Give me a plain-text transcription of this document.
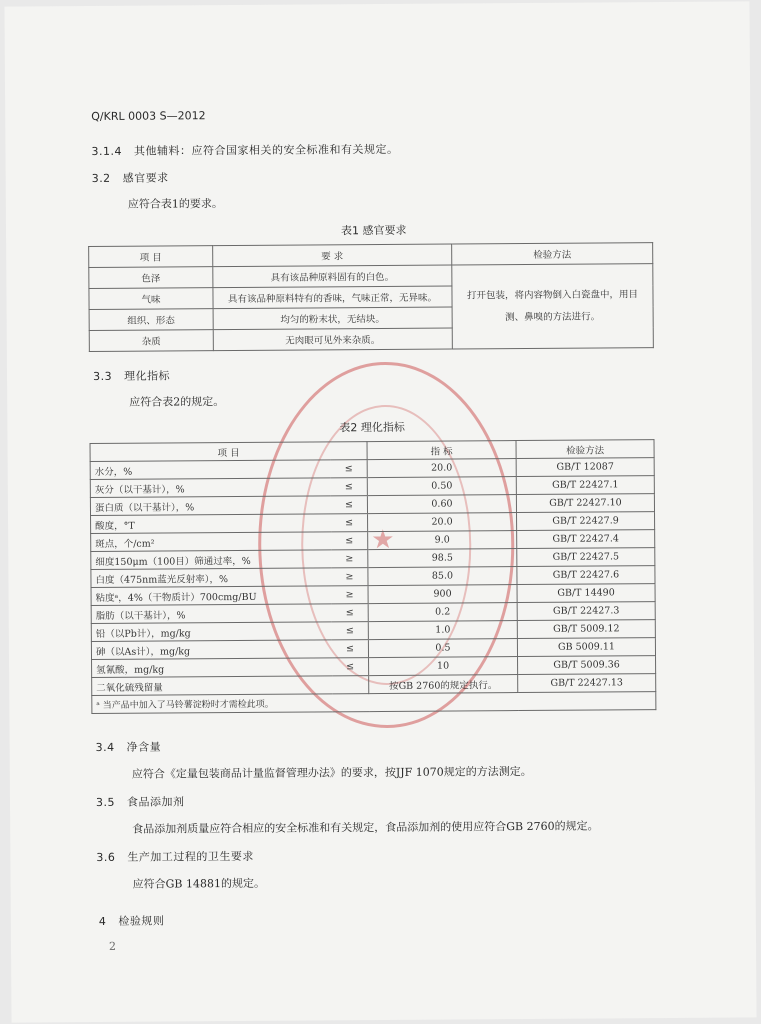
★
Q/KRL 0003 S—2012
3.1.4 其他辅料：应符合国家相关的安全标准和有关规定。
3.2 感官要求
应符合表1的要求。
表1 感官要求
项 目	要 求	检验方法
色泽	具有该品种原料固有的白色。	打开包装，将内容物倒入白瓷盘中，用目测、鼻嗅的方法进行。
气味	具有该品种原料特有的香味，气味正常，无异味。	
组织、形态	均匀的粉末状，无结块。	
杂质	无肉眼可见外来杂质。	
3.3 理化指标
应符合表2的规定。
表2 理化指标
项 目		指 标	检验方法
水分，%	≤	20.0	GB/T 12087
灰分（以干基计），%	≤	0.50	GB/T 22427.1
蛋白质（以干基计），%	≤	0.60	GB/T 22427.10
酸度，°T	≤	20.0	GB/T 22427.9
斑点，个/cm²	≤	9.0	GB/T 22427.4
细度150μm（100目）筛通过率，%	≥	98.5	GB/T 22427.5
白度（475nm蓝光反射率），%	≥	85.0	GB/T 22427.6
粘度ᵃ，4%（干物质计）700cmg/BU	≥	900	GB/T 14490
脂肪（以干基计），%	≤	0.2	GB/T 22427.3
铅（以Pb计），mg/kg	≤	1.0	GB/T 5009.12
砷（以As计），mg/kg	≤	0.5	GB 5009.11
氢氰酸，mg/kg	≤	10	GB/T 5009.36
二氧化硫残留量		按GB 2760的规定执行。	GB/T 22427.13
ᵃ 当产品中加入了马铃薯淀粉时才需检此项。			
3.4 净含量
应符合《定量包装商品计量监督管理办法》的要求，按JJF 1070规定的方法测定。
3.5 食品添加剂
食品添加剂质量应符合相应的安全标准和有关规定，食品添加剂的使用应符合GB 2760的规定。
3.6 生产加工过程的卫生要求
应符合GB 14881的规定。
4 检验规则
2
